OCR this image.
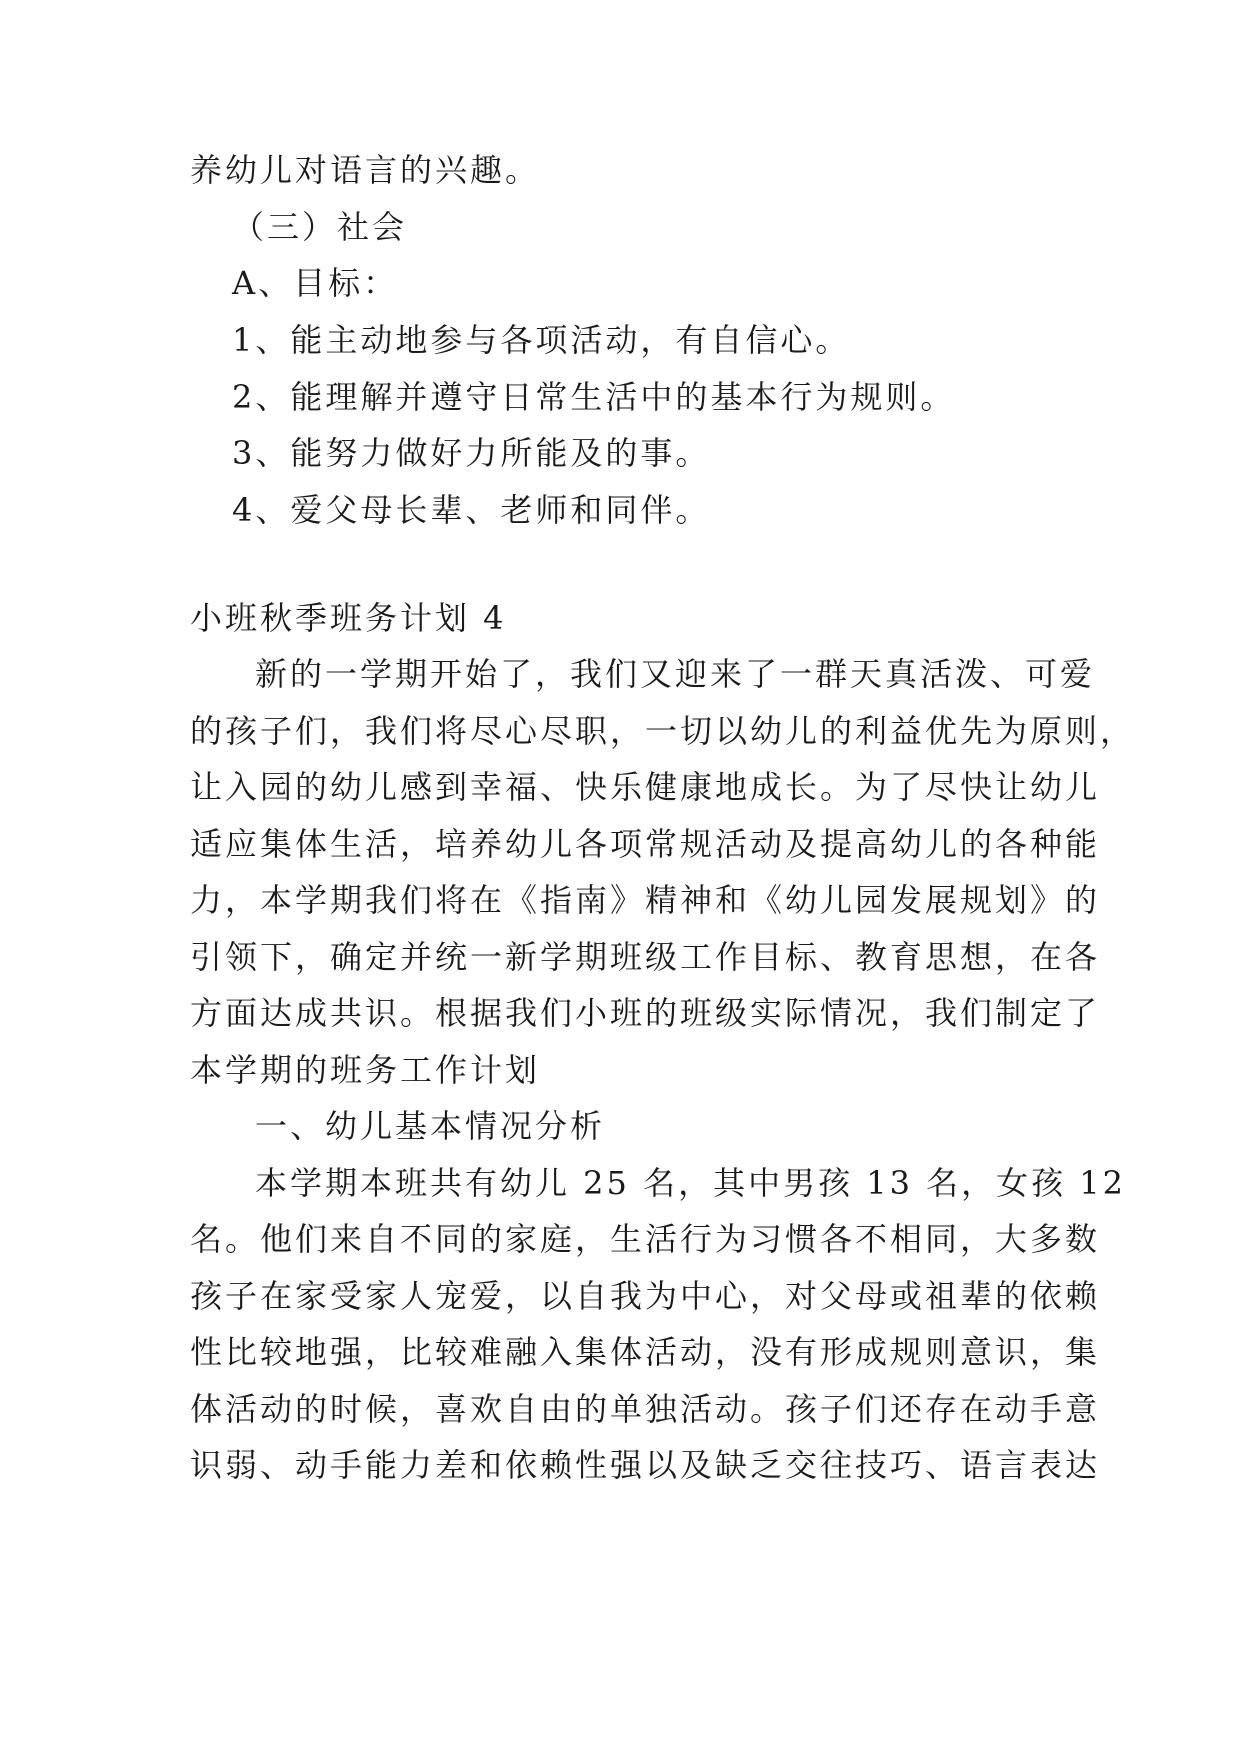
养幼儿对语言的兴趣。
（三）社会
A、目标：
1、能主动地参与各项活动，有自信心。
2、能理解并遵守日常生活中的基本行为规则。
3、能努力做好力所能及的事。
4、爱父母长辈、老师和同伴。
小班秋季班务计划 4
新的一学期开始了，我们又迎来了一群天真活泼、可爱
的孩子们，我们将尽心尽职，一切以幼儿的利益优先为原则，
让入园的幼儿感到幸福、快乐健康地成长。为了尽快让幼儿
适应集体生活，培养幼儿各项常规活动及提高幼儿的各种能
力，本学期我们将在《指南》精神和《幼儿园发展规划》的
引领下，确定并统一新学期班级工作目标、教育思想，在各
方面达成共识。根据我们小班的班级实际情况，我们制定了
本学期的班务工作计划
一、幼儿基本情况分析
本学期本班共有幼儿 25 名，其中男孩 13 名，女孩 12
名。他们来自不同的家庭，生活行为习惯各不相同，大多数
孩子在家受家人宠爱，以自我为中心，对父母或祖辈的依赖
性比较地强，比较难融入集体活动，没有形成规则意识，集
体活动的时候，喜欢自由的单独活动。孩子们还存在动手意
识弱、动手能力差和依赖性强以及缺乏交往技巧、语言表达
